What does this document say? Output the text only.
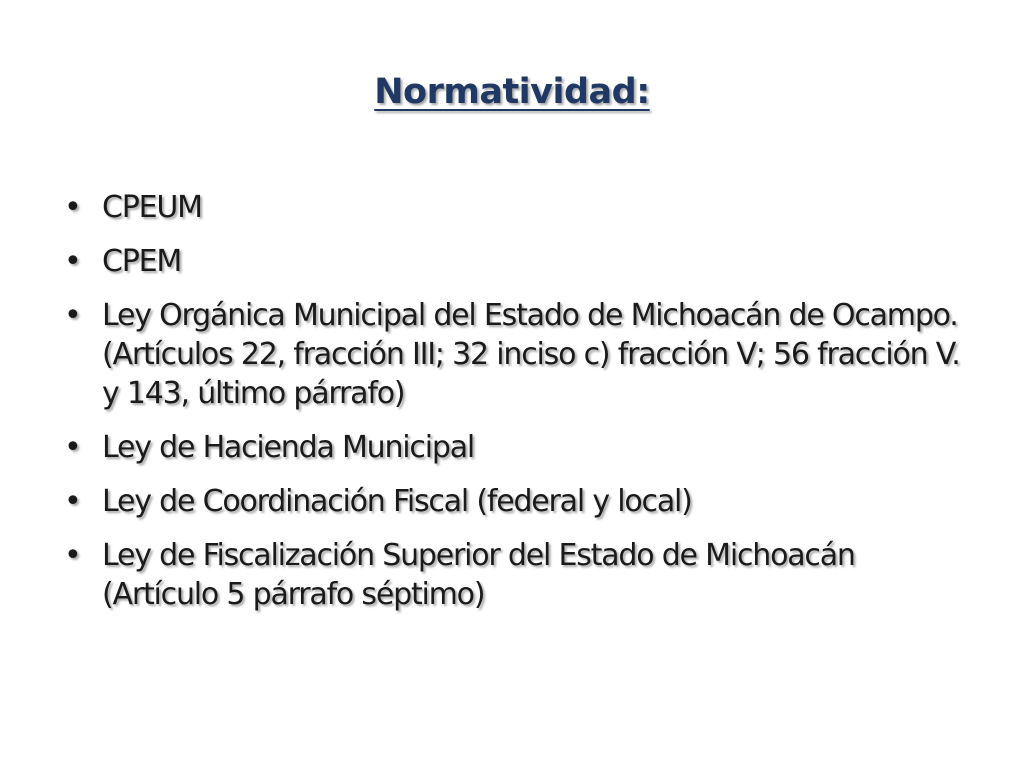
Normatividad:
• CPEUM
• CPEM
• Ley Orgánica Municipal del Estado de Michoacán de Ocampo. (Artículos 22, fracción III; 32 inciso c) fracción V; 56 fracción V. y 143, último párrafo)
• Ley de Hacienda Municipal
• Ley de Coordinación Fiscal (federal y local)
• Ley de Fiscalización Superior del Estado de Michoacán (Artículo 5 párrafo séptimo)
